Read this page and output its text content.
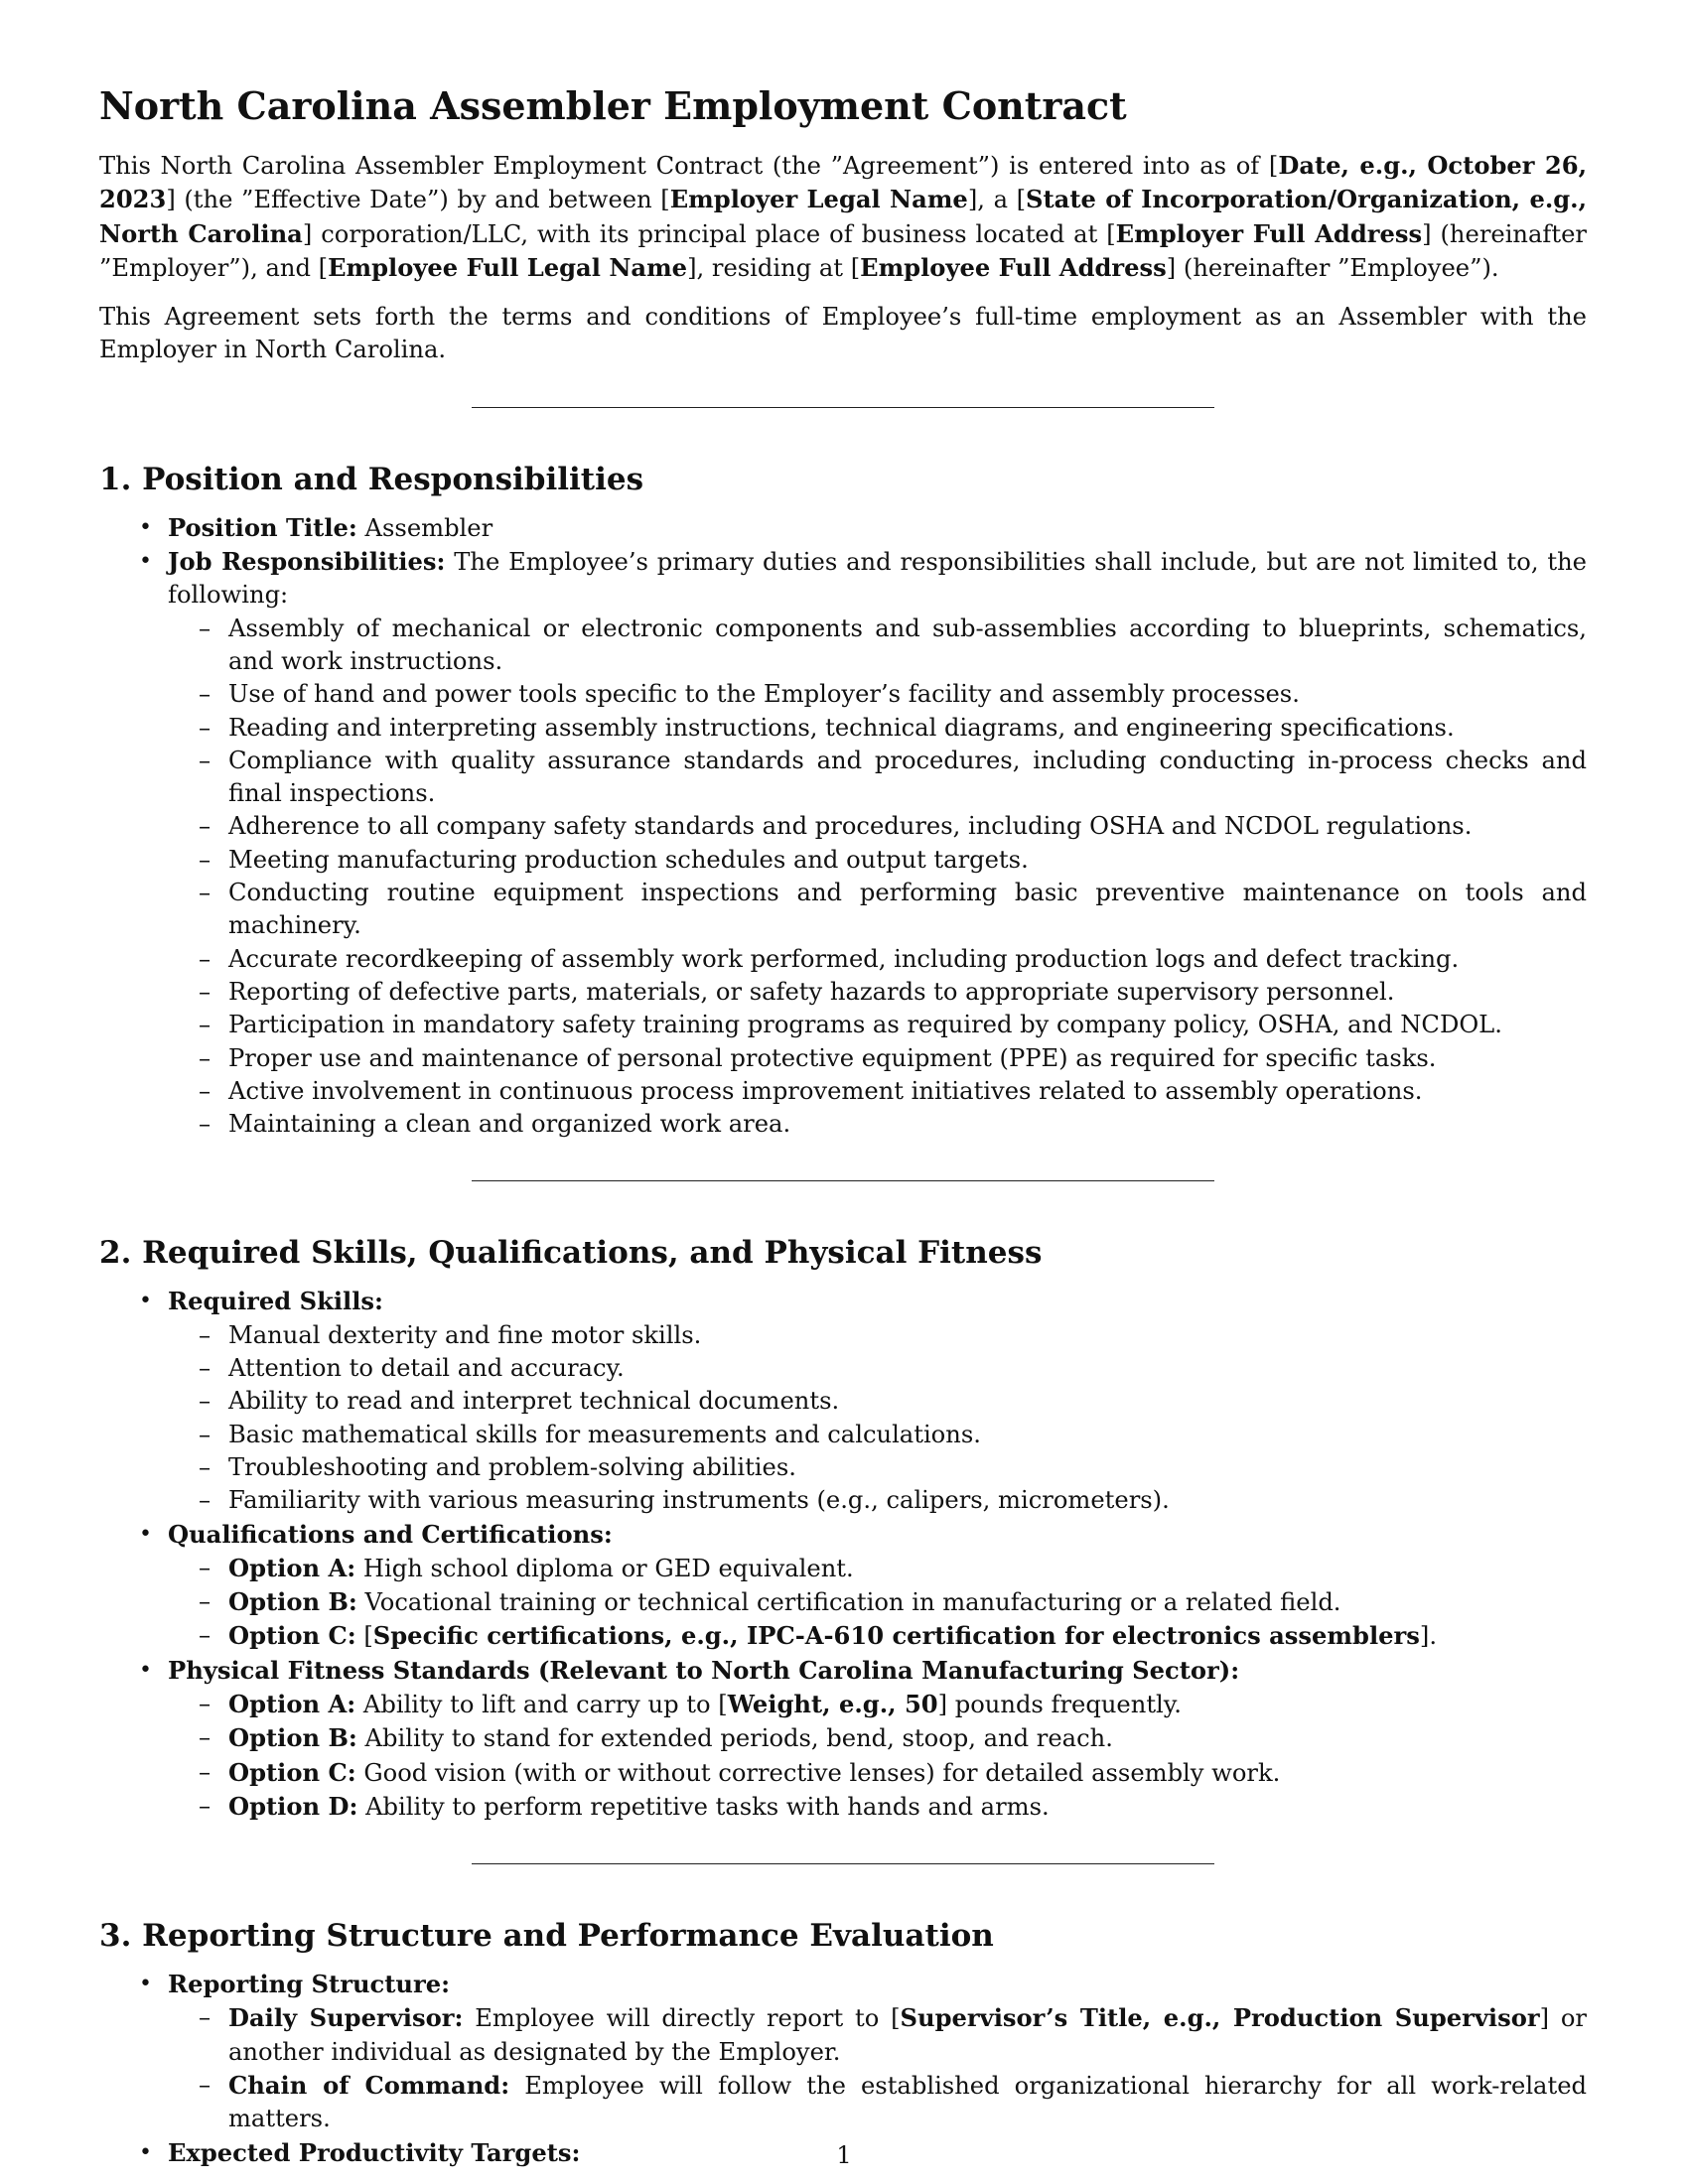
North Carolina Assembler Employment Contract

This North Carolina Assembler Employment Contract (the ”Agreement”) is entered into as of [Date, e.g., October 26, 2023] (the ”Effective Date”) by and between [Employer Legal Name], a [State of Incorporation/Organization, e.g., North Carolina] corporation/LLC, with its principal place of business located at [Employer Full Address] (hereinafter ”Employer”), and [Employee Full Legal Name], residing at [Employee Full Address] (hereinafter ”Employee”).

This Agreement sets forth the terms and conditions of Employee’s full-time employment as an Assembler with the Employer in North Carolina.

1. Position and Responsibilities
• Position Title: Assembler
• Job Responsibilities: The Employee’s primary duties and responsibilities shall include, but are not limited to, the following:
– Assembly of mechanical or electronic components and sub-assemblies according to blueprints, schematics, and work instructions.
– Use of hand and power tools specific to the Employer’s facility and assembly processes.
– Reading and interpreting assembly instructions, technical diagrams, and engineering specifications.
– Compliance with quality assurance standards and procedures, including conducting in-process checks and final inspections.
– Adherence to all company safety standards and procedures, including OSHA and NCDOL regulations.
– Meeting manufacturing production schedules and output targets.
– Conducting routine equipment inspections and performing basic preventive maintenance on tools and machinery.
– Accurate recordkeeping of assembly work performed, including production logs and defect tracking.
– Reporting of defective parts, materials, or safety hazards to appropriate supervisory personnel.
– Participation in mandatory safety training programs as required by company policy, OSHA, and NCDOL.
– Proper use and maintenance of personal protective equipment (PPE) as required for specific tasks.
– Active involvement in continuous process improvement initiatives related to assembly operations.
– Maintaining a clean and organized work area.
2. Required Skills, Qualifications, and Physical Fitness
• Required Skills:
– Manual dexterity and fine motor skills.
– Attention to detail and accuracy.
– Ability to read and interpret technical documents.
– Basic mathematical skills for measurements and calculations.
– Troubleshooting and problem-solving abilities.
– Familiarity with various measuring instruments (e.g., calipers, micrometers).
• Qualifications and Certifications:
– Option A: High school diploma or GED equivalent.
– Option B: Vocational training or technical certification in manufacturing or a related field.
– Option C: [Specific certifications, e.g., IPC-A-610 certification for electronics assemblers].
• Physical Fitness Standards (Relevant to North Carolina Manufacturing Sector):
– Option A: Ability to lift and carry up to [Weight, e.g., 50] pounds frequently.
– Option B: Ability to stand for extended periods, bend, stoop, and reach.
– Option C: Good vision (with or without corrective lenses) for detailed assembly work.
– Option D: Ability to perform repetitive tasks with hands and arms.
3. Reporting Structure and Performance Evaluation
• Reporting Structure:
– Daily Supervisor: Employee will directly report to [Supervisor’s Title, e.g., Production Supervisor] or another individual as designated by the Employer.
– Chain of Command: Employee will follow the established organizational hierarchy for all work-related matters.
• Expected Productivity Targets:	1
